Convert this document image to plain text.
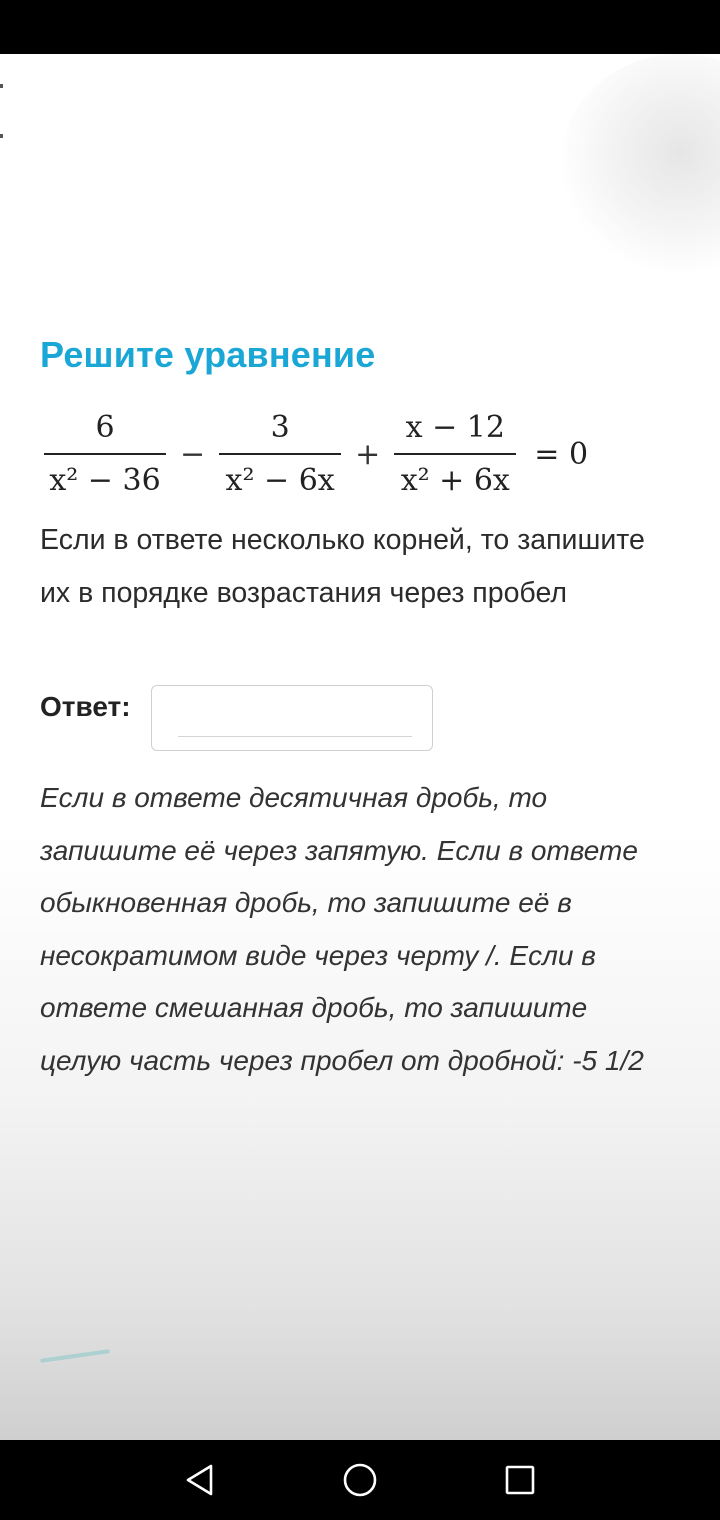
Решите уравнение
$\frac{6}{\text{x² − 36}} - \frac{3}{\text{x² − 6x}} + \frac{x - 12}{\text{x² + 6x}} = 0$

Если в ответе несколько корней, то запишите их в порядке возрастания через пробел

Ответ:

Если в ответе десятичная дробь, то запишите её через запятую. Если в ответе обыкновенная дробь, то запишите её в несократимом виде через черту /. Если в ответе смешанная дробь, то запишите целую часть через пробел от дробной: -5 1/2
